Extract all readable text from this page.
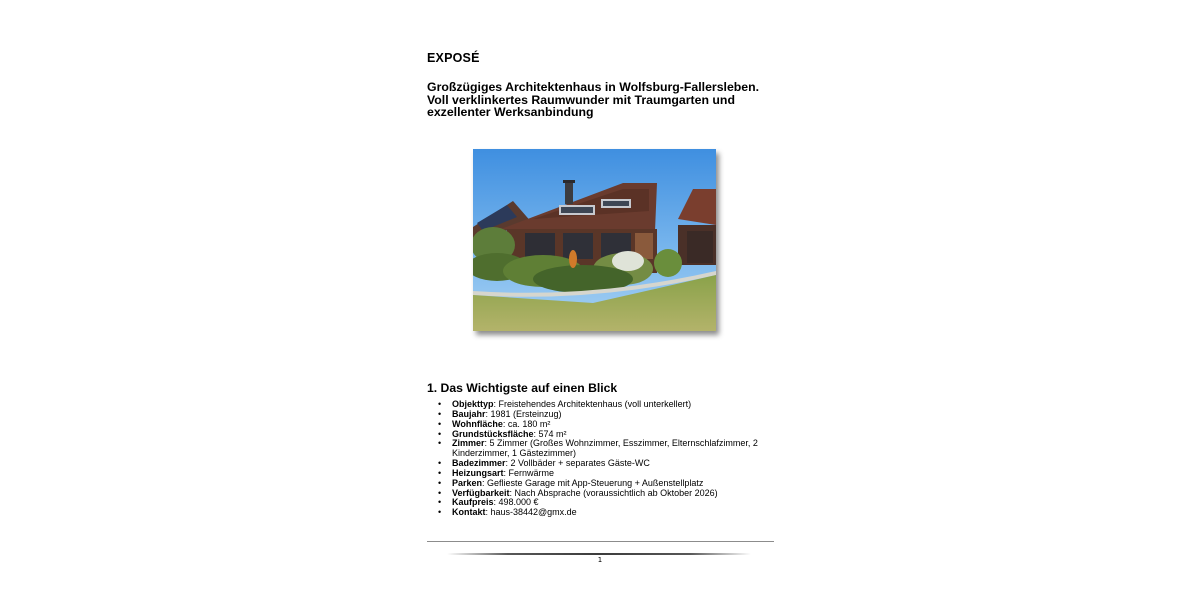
EXPOSÉ
Großzügiges Architektenhaus in Wolfsburg-Fallersleben. Voll verklinkertes Raumwunder mit Traumgarten und exzellenter Werksanbindung
1. Das Wichtigste auf einen Blick
• Objekttyp: Freistehendes Architektenhaus (voll unterkellert)
• Baujahr: 1981 (Ersteinzug)
• Wohnfläche: ca. 180 m²
• Grundstücksfläche: 574 m²
• Zimmer: 5 Zimmer (Großes Wohnzimmer, Esszimmer, Elternschlafzimmer, 2 Kinderzimmer, 1 Gästezimmer)
• Badezimmer: 2 Vollbäder + separates Gäste-WC
• Heizungsart: Fernwärme
• Parken: Geflieste Garage mit App-Steuerung + Außenstellplatz
• Verfügbarkeit: Nach Absprache (voraussichtlich ab Oktober 2026)
• Kaufpreis: 498.000 €
• Kontakt: haus-38442@gmx.de
1
